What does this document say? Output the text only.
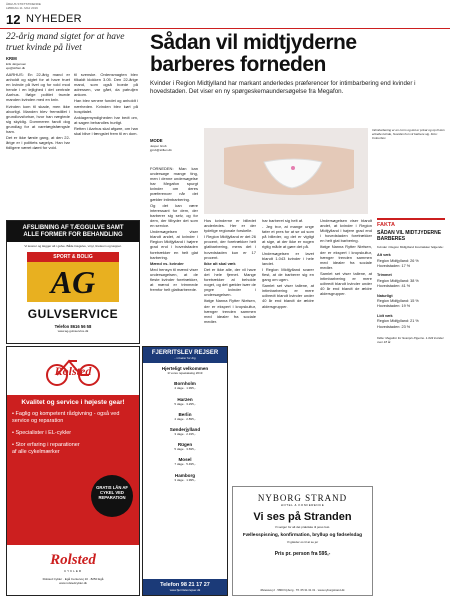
ÅRHUS STIFTSTIDENDE
LØRDAG 11. MAJ 2019
12 NYHEDER
22-årig mand sigtet for at have truet kvinde på livet
KRIM
Erik Jørgensen
ejo@stiften.dk

AARHUS: En 22-årig mand er anholdt og sigtet for at have truet en kvinde på livet og for vold mod hende i en lejlighed i det centrale Aarhus. Ifølge politiet truede manden kvinden med en kniv.

Kvinden kom til skade, men ikke alvorligt. Manden blev fremstillet i grundlovsforhør, hvor han nægtede sig skyldig. Dommeren fandt dog grundlag for at varetægtsfængsle ham.

Det er ikke første gang, at den 22-årige er i politiets søgelys. Han har tidligere været dømt for vold.

til svenske. Ordensmagten blev tilkaldt klokken 3.05. Den 22-årige mand, som også boede på adressen, var gået, da patruljen ankom.

Han blev senere fundet og anholdt i nærheden. Kvinden blev kørt på hospitalet.

Anklagemyndigheden har bedt om, at sagen behandles hurtigt.

Retten i Aarhus skal afgøre, om han skal blive i fængslet frem til en dom.

AFSLIBNING AF TÆGGULVE SAMT
ALLE FORMER FOR BEHANDLING
Vi leverer og lægger alt i gulve. Både trægulve, vinyl, linoleum og tæpper.
SPORT & BOLIG
AG
GULVSERVICE
Telefon 8616 56 58
www.ag-gulvservice.dk
Rolsted
Kvalitet og service i højeste gear!
• Faglig og kompetent rådgivning - også ved service og reparation
• Specialister i EL-cykler
• Stor erfaring i reparationer af alle cykelmærker
GRATIS LÅN AF CYKEL VED REPARATION
Rolsted
CYKLER
Rolsted Cykler · Egå Centervej 10 · 8250 Egå
www.rolstedcykler.dk
Sådan vil midtjyderne
barberes forneden
Kvinder i Region Midtjylland har markant anderledes præferencer for intimbarbering end kvinder i hovedstaden. Det viser en ny spørgeskemaundersøgelse fra Megafon.
MODE
Jesper Grub
jgrub@stiften.dk
Intimbarbering er en norm og det er privat og op til den enkelte kvinde, hvordan hun vil barbere sig. Foto: Colourbox

FORNEDEN: Man kan undersøge mange ting, men i denne undersøgelse har Megafon spurgt kvinder om deres præferencer når det gælder intimbarbering.

Og det kan være interessant for dem, der barberer sig selv, og for dem, der tilbyder det som en service.

Undersøgelsen viser blandt andet, at kvinder i Region Midtjylland i højere grad end i hovedstaden foretrækker en helt glat barbering.

Mænd vs. kvinder

Med hensyn til mænd viser undersøgelsen, at de fleste kvinder foretrækker, at mænd er trimmede fremfor helt glatbarberede.

Hos kvinderne er billedet anderledes. Her er der tydelige regionale forskelle.

I Region Midtjylland er det 26 procent, der foretrækker helt glatbarbering, mens det i hovedstaden kun er 17 procent.

Ikke alt skal væk

Det er ikke alle, der vil have det hele fjernet. Mange foretrækker at beholde noget, og det gælder især de yngre kvinder i undersøgelsen.

Ifølge Nanna Rytter Nielsen, der er ekspert i kropskultur, hænger trenden sammen med idealer fra sociale medier.

har barberet sig helt af.

- Jeg tror, at mange unge føler et pres for at se ud som på billeder, og det er vigtigt at sige, at der ikke er nogen rigtig måde at gøre det på.

Undersøgelsen er lavet blandt 1.043 kvinder i hele landet.

I Region Midtjylland svarer flest, at de barberer sig en gang om ugen.

Samlet set viser tallene, at intimbarbering er mere udbredt blandt kvinder under 40 år end blandt de ældre aldersgrupper.

Undersøgelsen viser blandt andet, at kvinder i Region Midtjylland i højere grad end i hovedstaden foretrækker en helt glat barbering.

Ifølge Nanna Rytter Nielsen, der er ekspert i kropskultur, hænger trenden sammen med idealer fra sociale medier.

Samlet set viser tallene, at intimbarbering er mere udbredt blandt kvinder under 40 år end blandt de ældre aldersgrupper.

FAKTA
SÅDAN VIL MIDTJYDERNE BARBERES
Kvinder i Region Midtjylland foretrækker følgende:
Alt væk
Region Midtjylland: 26 %
Hovedstaden: 17 %
Trimmet
Region Midtjylland: 38 %
Hovedstaden: 41 %
Naturligt
Region Midtjylland: 15 %
Hovedstaden: 19 %
Lidt væk
Region Midtjylland: 21 %
Hovedstaden: 23 %
Kilde: Megafon for Scanpix Pigerne. 1.043 kvinder over 18 år.
FJERRITSLEV REJSER
- vi kører for dig
Hjerteligt velkommen
til vores rejsekatalog 2019
Bornholm
4 dage · 1.995,-
Harzen
5 dage · 3.295,-
Berlin
4 dage · 2.895,-
Sønderjylland
3 dage · 2.195,-
Rügen
5 dage · 3.695,-
Mosel
7 dage · 5.495,-
Hamborg
3 dage · 1.995,-
Telefon 98 21 17 27
www.fjerritslevrejser.dk
NYBORG STRAND
HOTEL & KONFERENCE
Vi ses på Stranden
Vi sørger for alt det praktiske til jeres fest.
Fællesspisning, konfirmation, bryllup og fødselsdag
Vi glæder os til at se jer
Pris pr. person fra 595,-
Østerøvej 2 · 5800 Nyborg · Tlf. 65 31 31 31 · www.nyborgstrand.dk
